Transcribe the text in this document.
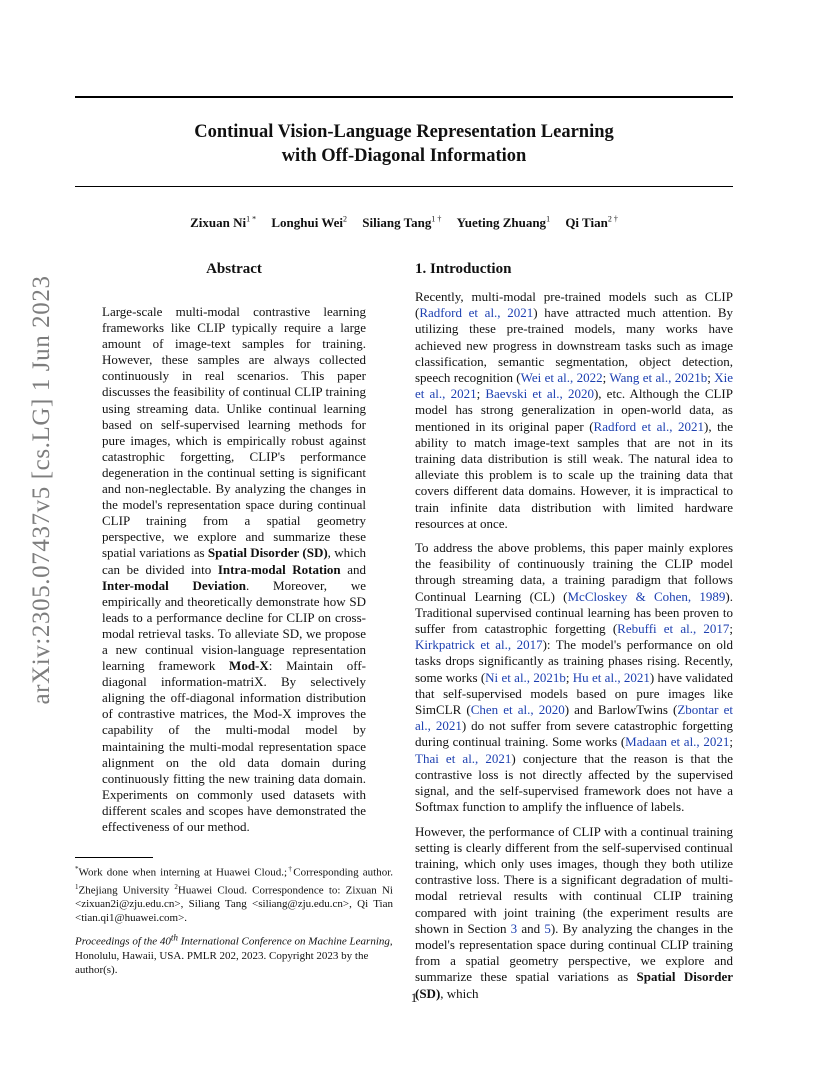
Continual Vision-Language Representation Learning
with Off-Diagonal Information
Zixuan $Ni^{1 *}$ Longhui Wei$^2$ Siliang Tang$^{1 \dagger}$ Yueting Zhuang$^1$ Qi Tian$^{2 \dagger}$
arXiv:2305.07437v5 [cs.LG] 1 Jun 2023
Abstract
Large-scale multi-modal contrastive learning frameworks like CLIP typically require a large amount of image-text samples for training. However, these samples are always collected continuously in real scenarios. This paper discusses the feasibility of continual CLIP training using streaming data. Unlike continual learning based on self-supervised learning methods for pure images, which is empirically robust against catastrophic forgetting, CLIP's performance degeneration in the continual setting is significant and non-neglectable. By analyzing the changes in the model's representation space during continual CLIP training from a spatial geometry perspective, we explore and summarize these spatial variations as Spatial Disorder (SD), which can be divided into Intra-modal Rotation and Inter-modal Deviation. Moreover, we empirically and theoretically demonstrate how SD leads to a performance decline for CLIP on cross-modal retrieval tasks. To alleviate SD, we propose a new continual vision-language representation learning framework Mod-X: Maintain off-diagonal information-matriX. By selectively aligning the off-diagonal information distribution of contrastive matrices, the Mod-X improves the capability of the multi-modal model by maintaining the multi-modal representation space alignment on the old data domain during continuously fitting the new training data domain. Experiments on commonly used datasets with different scales and scopes have demonstrated the effectiveness of our method.
*Work done when interning at Huawei Cloud.;†Corresponding author. $^1$Zhejiang University $^2$Huawei Cloud. Correspondence to: Zixuan Ni <zixuan2i@zju.edu.cn>, Siliang Tang <siliang@zju.edu.cn>, Qi Tian <tian.qi1@huawei.com>.
Proceedings of the 40th International Conference on Machine Learning, Honolulu, Hawaii, USA. PMLR 202, 2023. Copyright 2023 by the author(s).
1. Introduction

Recently, multi-modal pre-trained models such as CLIP (Radford et al., 2021) have attracted much attention. By utilizing these pre-trained models, many works have achieved new progress in downstream tasks such as image classification, semantic segmentation, object detection, speech recognition (Wei et al., 2022; Wang et al., 2021b; Xie et al., 2021; Baevski et al., 2020), etc. Although the CLIP model has strong generalization in open-world data, as mentioned in its original paper (Radford et al., 2021), the ability to match image-text samples that are not in its training data distribution is still weak. The natural idea to alleviate this problem is to scale up the training data that covers different data domains. However, it is impractical to train infinite data distribution with limited hardware resources at once.

To address the above problems, this paper mainly explores the feasibility of continuously training the CLIP model through streaming data, a training paradigm that follows Continual Learning (CL) (McCloskey & Cohen, 1989). Traditional supervised continual learning has been proven to suffer from catastrophic forgetting (Rebuffi et al., 2017; Kirkpatrick et al., 2017): The model's performance on old tasks drops significantly as training phases rising. Recently, some works (Ni et al., 2021b; Hu et al., 2021) have validated that self-supervised models based on pure images like SimCLR (Chen et al., 2020) and BarlowTwins (Zbontar et al., 2021) do not suffer from severe catastrophic forgetting during continual training. Some works (Madaan et al., 2021; Thai et al., 2021) conjecture that the reason is that the contrastive loss is not directly affected by the supervised signal, and the self-supervised framework does not have a Softmax function to amplify the influence of labels.

However, the performance of CLIP with a continual training setting is clearly different from the self-supervised continual training, which only uses images, though they both utilize contrastive loss. There is a significant degradation of multi-modal retrieval results with continual CLIP training compared with joint training (the experiment results are shown in Section 3 and 5). By analyzing the changes in the model's representation space during continual CLIP training from a spatial geometry perspective, we explore and summarize these spatial variations as Spatial Disorder (SD), which

1
